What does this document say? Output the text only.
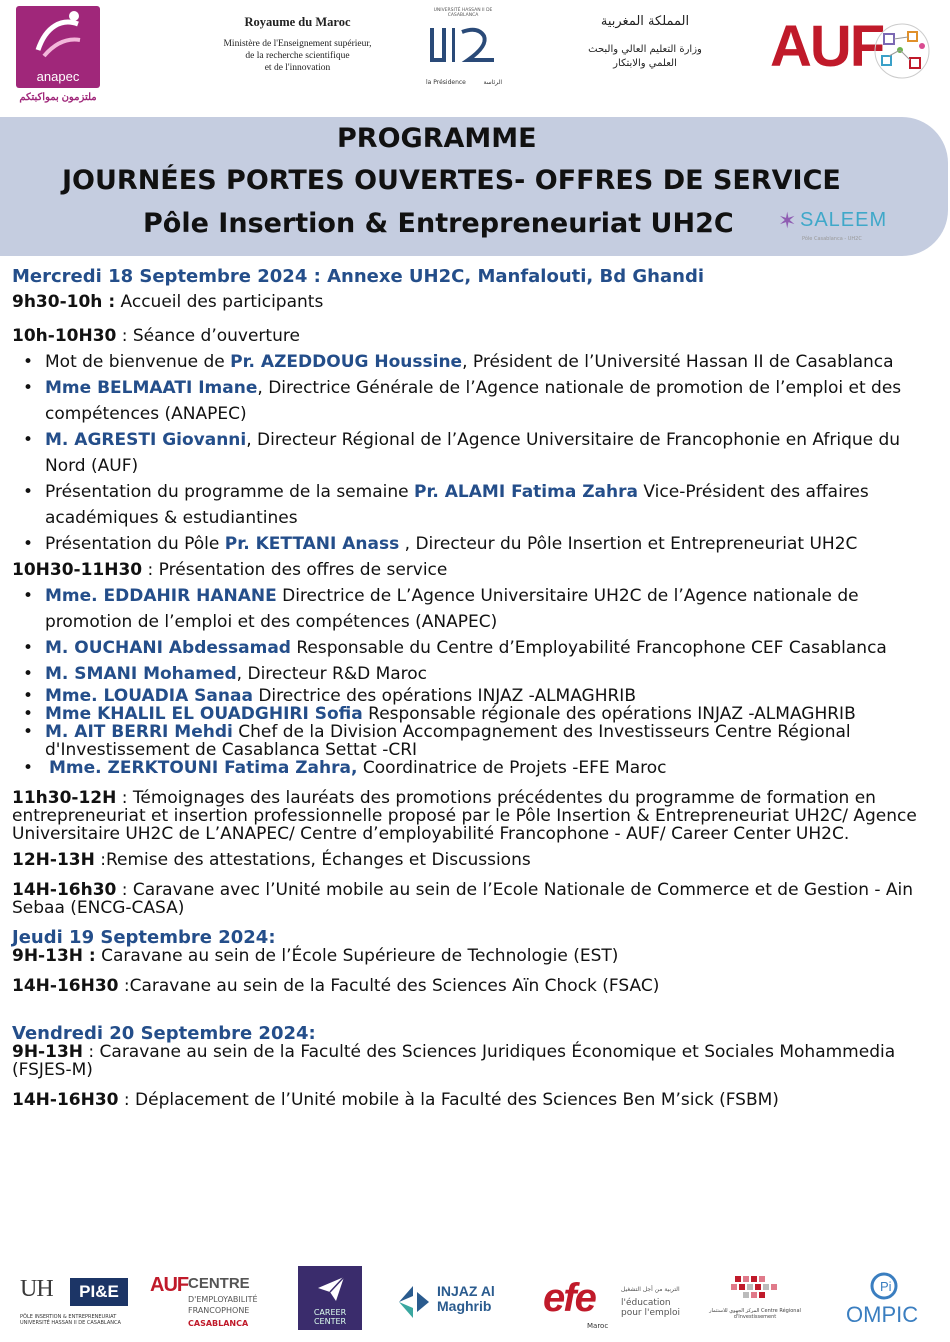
anapec
ملتزمون بمواكبتكم
Royaume du Maroc
Ministère de l'Enseignement supérieur,
de la recherche scientifique
et de l'innovation
UNIVERSITÉ HASSAN II DE CASABLANCA
la Présidence	الرئاسة
المملكة المغربية
وزارة التعليم العالي والبحث
العلمي والابتكار	AUF
PROGRAMME
JOURNÉES PORTES OUVERTES- OFFRES DE SERVICE
Pôle Insertion & Entrepreneuriat UH2C ✶ SALEEM
Pôle Casablanca - UH2C
Mercredi 18 Septembre 2024 : Annexe UH2C, Manfalouti, Bd Ghandi
9h30-10h : Accueil des participants
10h-10H30 : Séance d’ouverture
• Mot de bienvenue de Pr. AZEDDOUG Houssine, Président de l’Université Hassan II de Casablanca
• Mme BELMAATI Imane, Directrice Générale de l’Agence nationale de promotion de l’emploi et des compétences (ANAPEC)
• M. AGRESTI Giovanni, Directeur Régional de l’Agence Universitaire de Francophonie en Afrique du Nord (AUF)
• Présentation du programme de la semaine Pr. ALAMI Fatima Zahra Vice-Président des affaires académiques & estudiantines
• Présentation du Pôle Pr. KETTANI Anass , Directeur du Pôle Insertion et Entrepreneuriat UH2C
10H30-11H30 : Présentation des offres de service
• Mme. EDDAHIR HANANE Directrice de L’Agence Universitaire UH2C de l’Agence nationale de promotion de l’emploi et des compétences (ANAPEC)
• M. OUCHANI Abdessamad Responsable du Centre d’Employabilité Francophone CEF Casablanca
• M. SMANI Mohamed, Directeur R&D Maroc
• Mme. LOUADIA Sanaa Directrice des opérations INJAZ -ALMAGHRIB
• Mme KHALIL EL OUADGHIRI Sofia Responsable régionale des opérations INJAZ -ALMAGHRIB
• M. AIT BERRI Mehdi Chef de la Division Accompagnement des Investisseurs Centre Régional d'Investissement de Casablanca Settat -CRI
• Mme. ZERKTOUNI Fatima Zahra, Coordinatrice de Projets -EFE Maroc
11h30-12H : Témoignages des lauréats des promotions précédentes du programme de formation en entrepreneuriat et insertion professionnelle proposé par le Pôle Insertion & Entrepreneuriat UH2C/ Agence Universitaire UH2C de L’ANAPEC/ Centre d’employabilité Francophone - AUF/ Career Center UH2C.
12H-13H :Remise des attestations, Échanges et Discussions
14H-16h30 : Caravane avec l’Unité mobile au sein de l’Ecole Nationale de Commerce et de Gestion - Ain Sebaa (ENCG-CASA)
Jeudi 19 Septembre 2024:
9H-13H : Caravane au sein de l’École Supérieure de Technologie (EST)
14H-16H30 :Caravane au sein de la Faculté des Sciences Aïn Chock (FSAC)
Vendredi 20 Septembre 2024:
9H-13H : Caravane au sein de la Faculté des Sciences Juridiques Économique et Sociales Mohammedia (FSJES-M)
14H-16H30 : Déplacement de l’Unité mobile à la Faculté des Sciences Ben M’sick (FSBM)
UH	PI&E
PÔLE INSERTION & ENTREPRENEURIAT UNIVERSITÉ HASSAN II DE CASABLANCA
AUF CENTRE
D'EMPLOYABILITÉ FRANCOPHONE
CASABLANCA
CAREER CENTER
INJAZ Al Maghrib	efe
Maroc
التربية من أجل التشغيل
l'éducation pour l'emploi	المركز الجهوي للاستثمار Centre Régional d'Investissement
Pi
OMPIC
